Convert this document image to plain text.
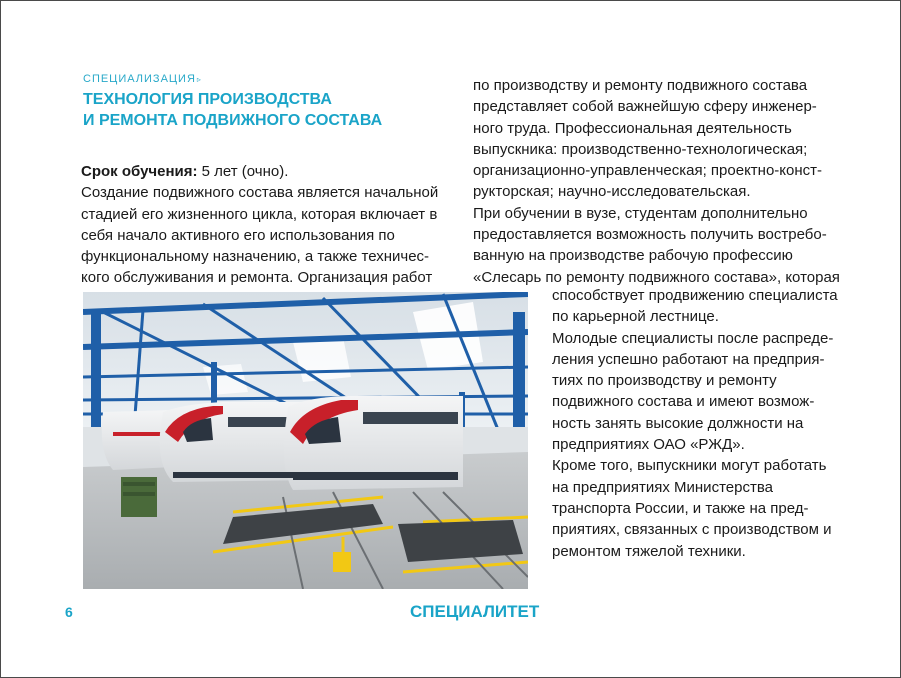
СПЕЦИАЛИЗАЦИЯ▹
ТЕХНОЛОГИЯ ПРОИЗВОДСТВА
И РЕМОНТА ПОДВИЖНОГО СОСТАВА
Срок обучения: 5 лет (очно).
Создание подвижного состава является начальной
стадией его жизненного цикла, которая включает в
себя начало активного его использования по
функциональному назначению, а также техничес-
кого обслуживания и ремонта. Организация работ
по производству и ремонту подвижного состава
представляет собой важнейшую сферу инженер-
ного труда. Профессиональная деятельность
выпускника: производственно-технологическая;
организационно-управленческая; проектно-конст-
рукторская; научно-исследовательская.
При обучении в вузе, студентам дополнительно
предоставляется возможность получить востребо-
ванную на производстве рабочую профессию
«Слесарь по ремонту подвижного состава», которая
способствует продвижению специалиста
по карьерной лестнице.
Молодые специалисты после распреде-
ления успешно работают на предприя-
тиях по производству и ремонту
подвижного состава и имеют возмож-
ность занять высокие должности на
предприятиях ОАО «РЖД».
Кроме того, выпускники могут работать
на предприятиях Министерства
транспорта России, и также на пред-
приятиях, связанных с производством и
ремонтом тяжелой техники.
6	СПЕЦИАЛИТЕТ
